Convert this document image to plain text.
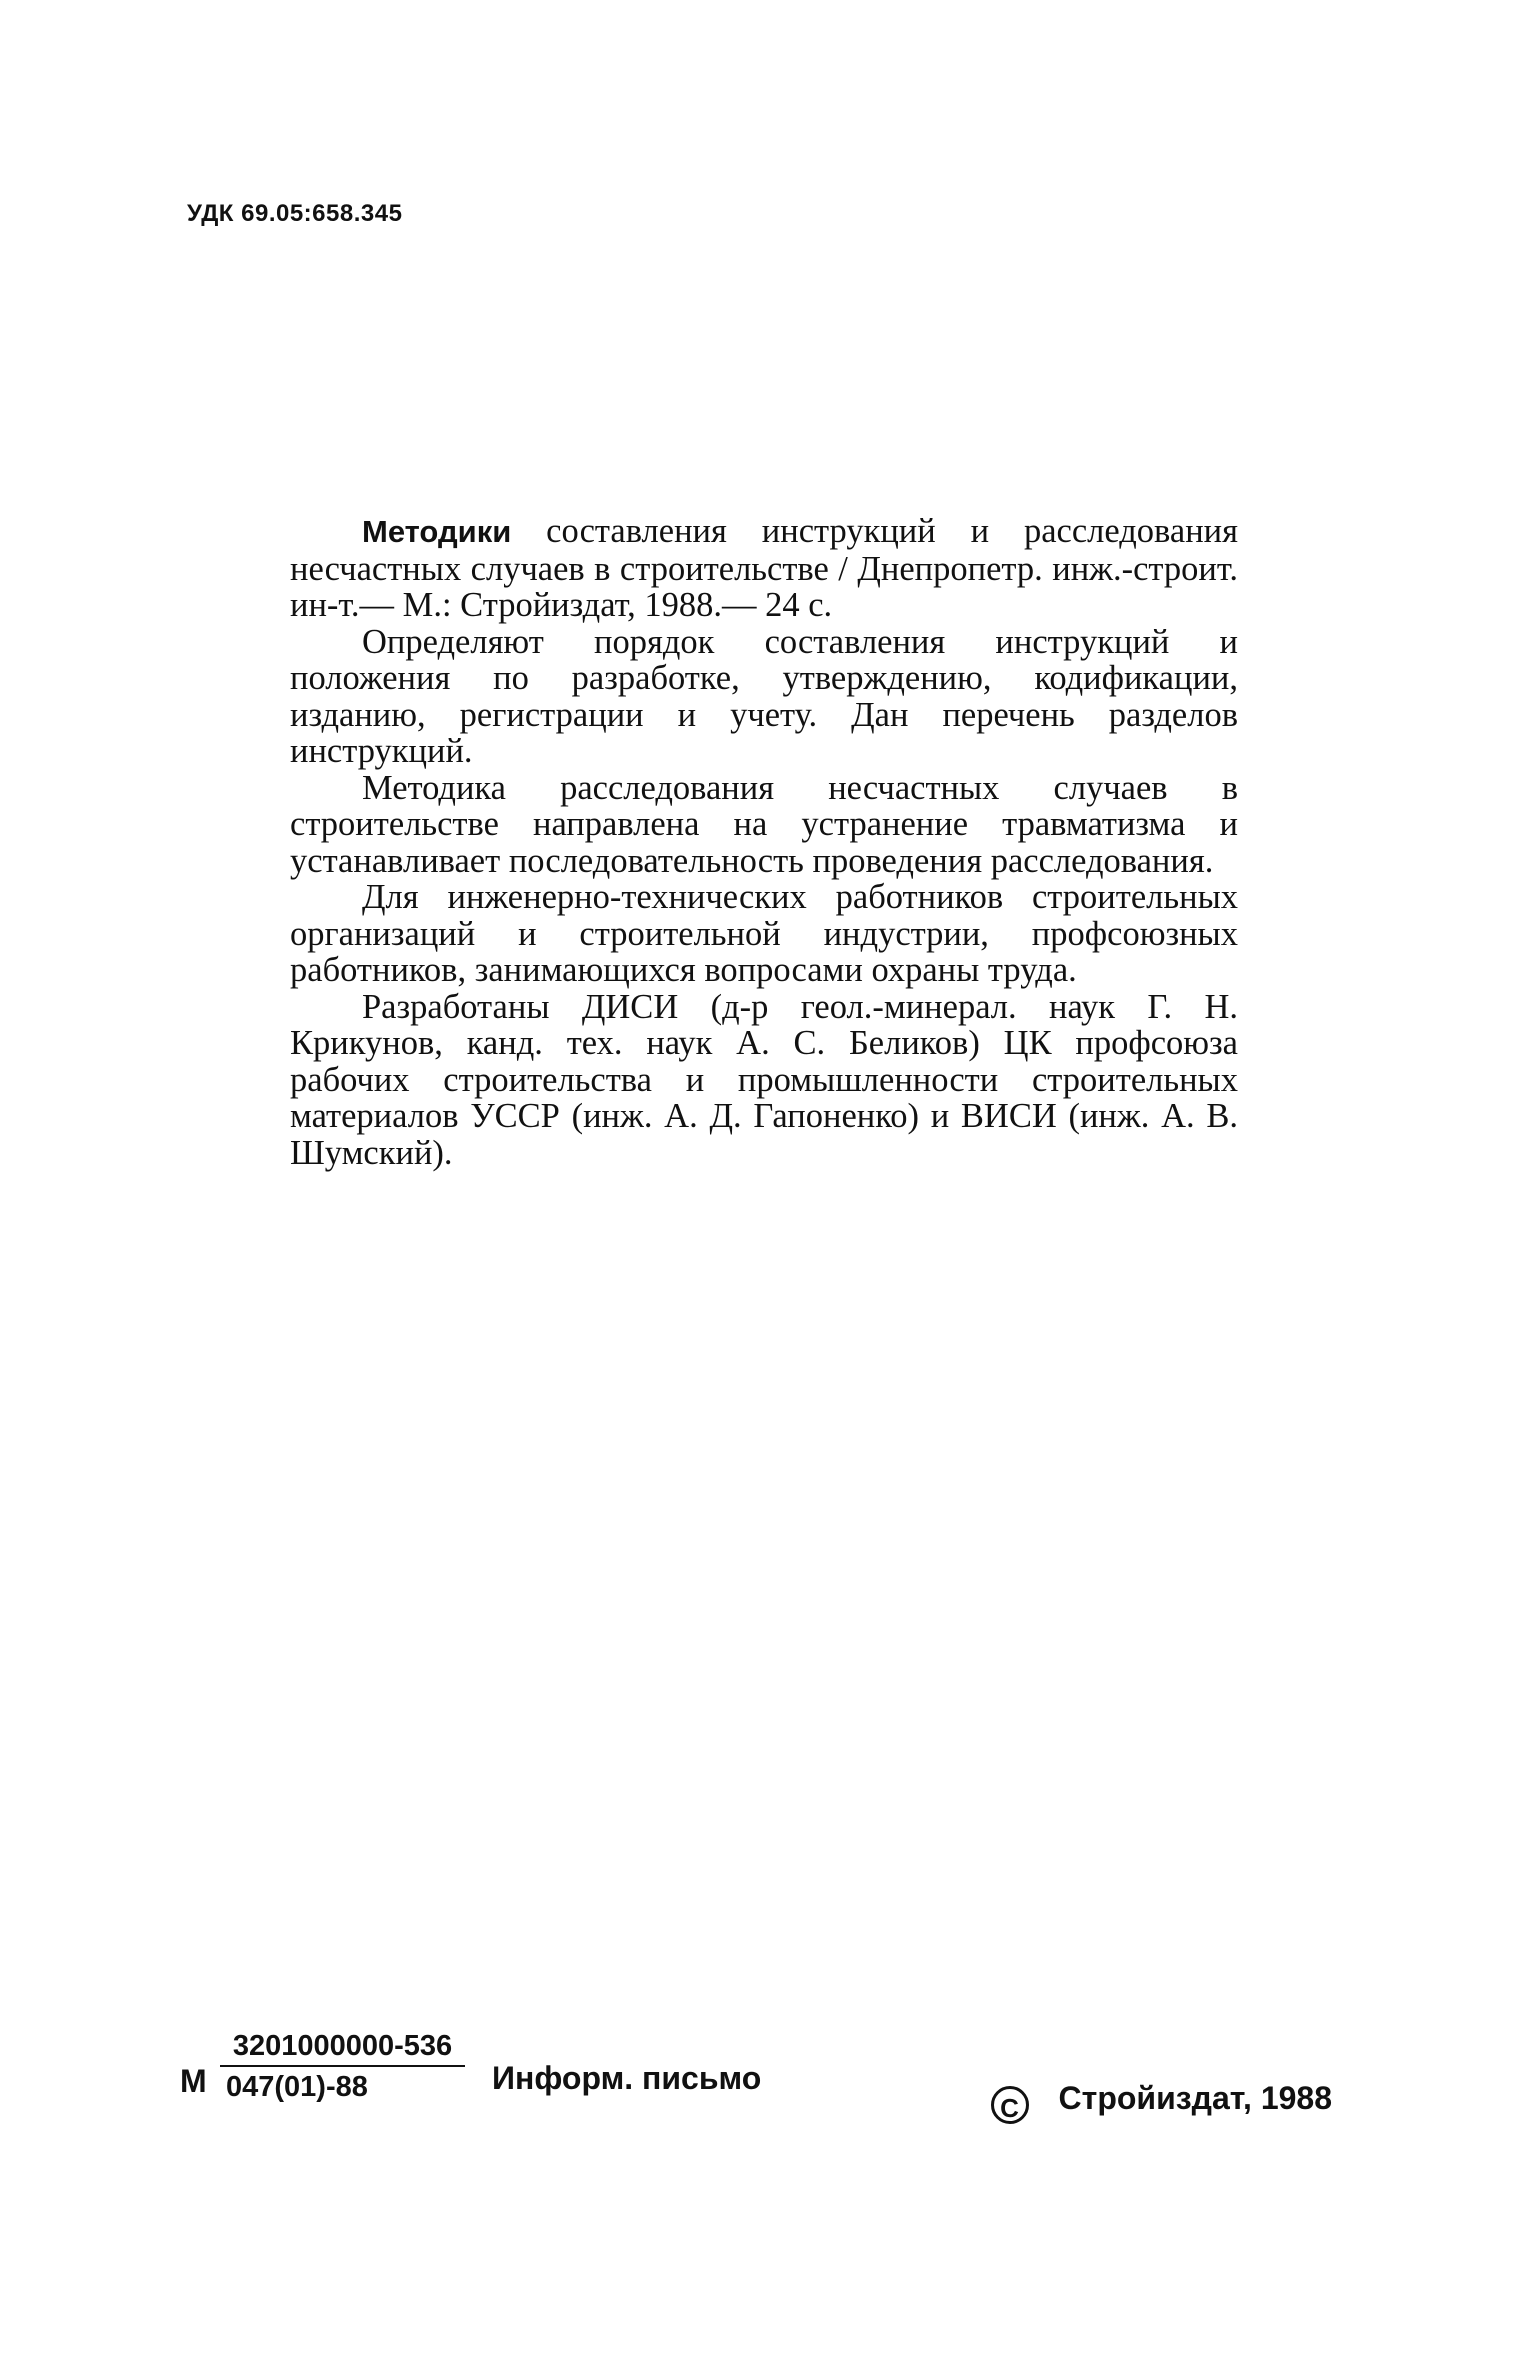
УДК 69.05:658.345

Методики составления инструкций и расследования несчастных случаев в строительстве / Днепропетр. инж.-строит. ин-т.— М.: Стройиздат, 1988.— 24 с.

Определяют порядок составления инструкций и положения по разработке, утверждению, кодификации, изданию, регистрации и учету. Дан перечень разделов инструкций.

Методика расследования несчастных случаев в строительстве направлена на устранение травматизма и устанавливает последовательность проведения расследования.

Для инженерно-технических работников строительных организаций и строительной индустрии, профсоюзных работников, занимающихся вопросами охраны труда.

Разработаны ДИСИ (д-р геол.-минерал. наук Г. Н. Крикунов, канд. тех. наук А. С. Беликов) ЦК профсоюза рабочих строительства и промышленности строительных материалов УССР (инж. А. Д. Гапоненко) и ВИСИ (инж. А. В. Шумский).

М $\frac{3201000000-536}{047(01)-88}$ Информ. письмо
C Стройиздат, 1988
